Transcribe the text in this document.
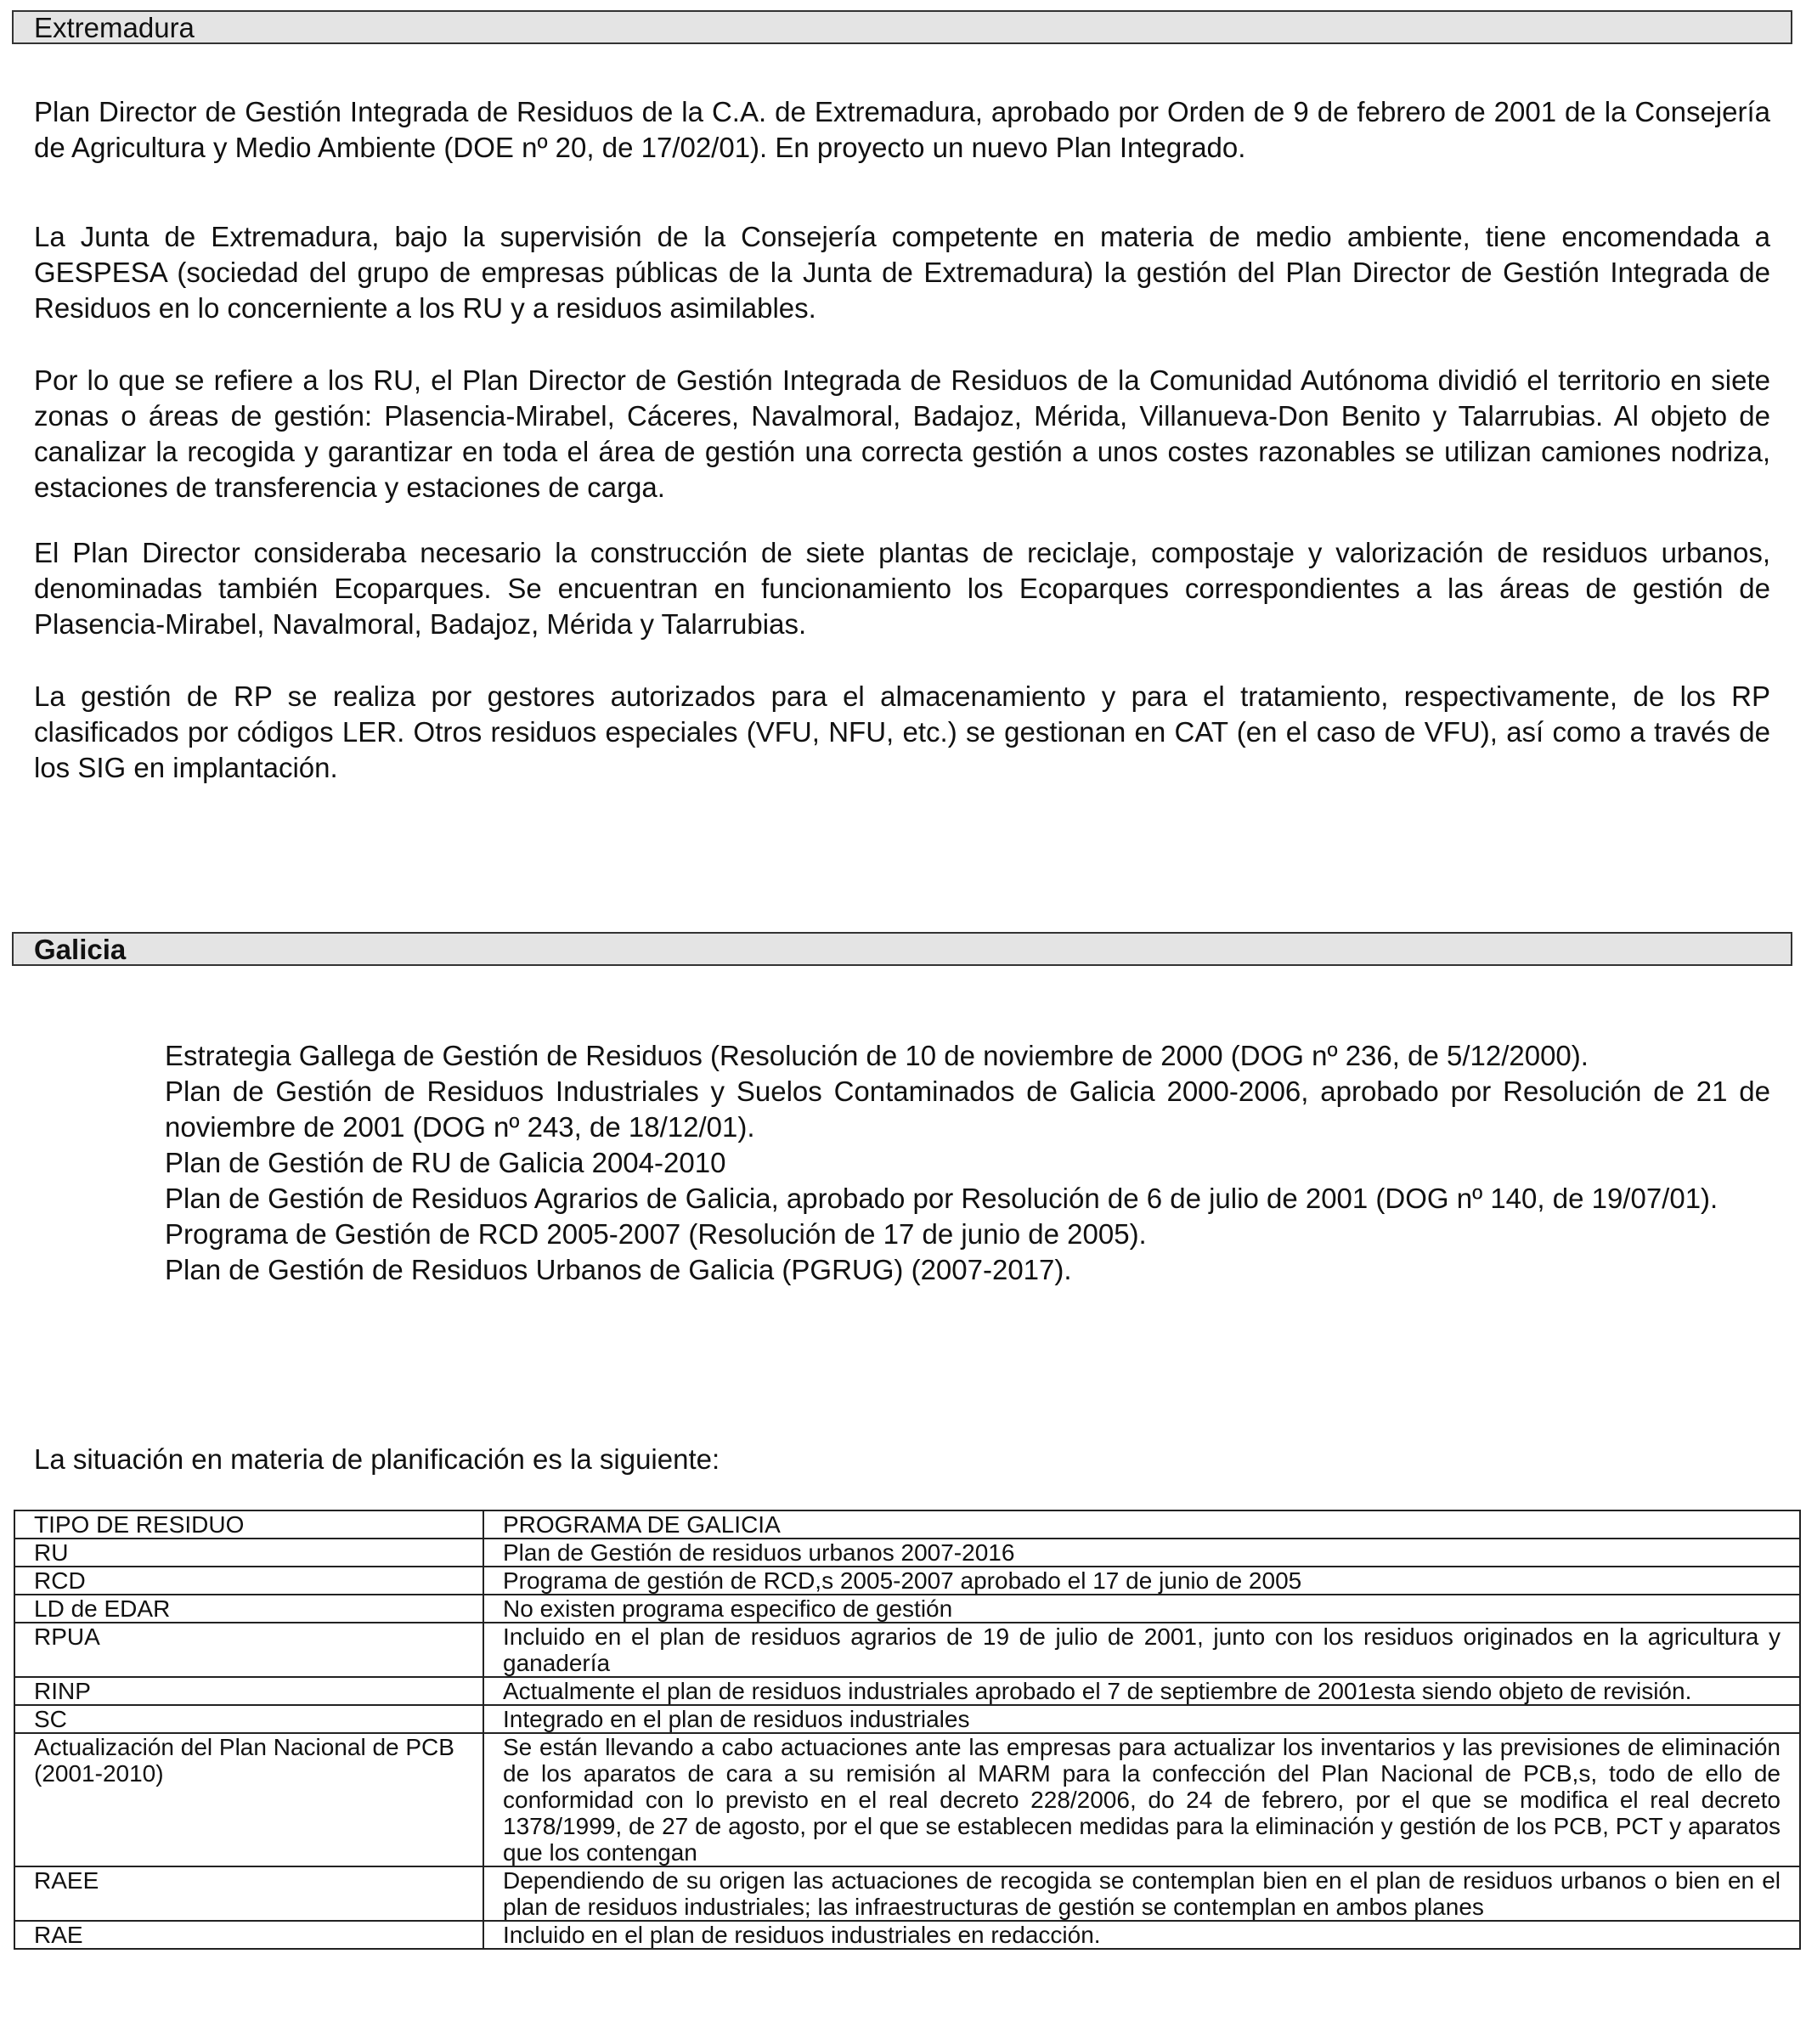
Extremadura

Plan Director de Gestión Integrada de Residuos de la C.A. de Extremadura, aprobado por Orden de 9 de febrero de 2001 de la Consejería de Agricultura y Medio Ambiente (DOE nº 20, de 17/02/01). En proyecto un nuevo Plan Integrado.

La Junta de Extremadura, bajo la supervisión de la Consejería competente en materia de medio ambiente, tiene encomendada a GESPESA (sociedad del grupo de empresas públicas de la Junta de Extremadura) la gestión del Plan Director de Gestión Integrada de Residuos en lo concerniente a los RU y a residuos asimilables.

Por lo que se refiere a los RU, el Plan Director de Gestión Integrada de Residuos de la Comunidad Autónoma dividió el territorio en siete zonas o áreas de gestión: Plasencia-Mirabel, Cáceres, Navalmoral, Badajoz, Mérida, Villanueva-Don Benito y Talarrubias. Al objeto de canalizar la recogida y garantizar en toda el área de gestión una correcta gestión a unos costes razonables se utilizan camiones nodriza, estaciones de transferencia y estaciones de carga.

El Plan Director consideraba necesario la construcción de siete plantas de reciclaje, compostaje y valorización de residuos urbanos, denominadas también Ecoparques. Se encuentran en funcionamiento los Ecoparques correspondientes a las áreas de gestión de Plasencia-Mirabel, Navalmoral, Badajoz, Mérida y Talarrubias.

La gestión de RP se realiza por gestores autorizados para el almacenamiento y para el tratamiento, respectivamente, de los RP clasificados por códigos LER. Otros residuos especiales (VFU, NFU, etc.) se gestionan en CAT (en el caso de VFU), así como a través de los SIG en implantación.

Galicia
Estrategia Gallega de Gestión de Residuos (Resolución de 10 de noviembre de 2000 (DOG nº 236, de 5/12/2000).
Plan de Gestión de Residuos Industriales y Suelos Contaminados de Galicia 2000-2006, aprobado por Resolución de 21 de noviembre de 2001 (DOG nº 243, de 18/12/01).
Plan de Gestión de RU de Galicia 2004-2010
Plan de Gestión de Residuos Agrarios de Galicia, aprobado por Resolución de 6 de julio de 2001 (DOG nº 140, de 19/07/01).
Programa de Gestión de RCD 2005-2007 (Resolución de 17 de junio de 2005).
Plan de Gestión de Residuos Urbanos de Galicia (PGRUG) (2007-2017).

La situación en materia de planificación es la siguiente:

TIPO DE RESIDUO	PROGRAMA DE GALICIA
RU	Plan de Gestión de residuos urbanos 2007-2016
RCD	Programa de gestión de RCD,s 2005-2007 aprobado el 17 de junio de 2005
LD de EDAR	No existen programa especifico de gestión
RPUA	Incluido en el plan de residuos agrarios de 19 de julio de 2001, junto con los residuos originados en la agricultura y ganadería
RINP	Actualmente el plan de residuos industriales aprobado el 7 de septiembre de 2001esta siendo objeto de revisión.
SC	Integrado en el plan de residuos industriales
Actualización del Plan Nacional de PCB (2001-2010)	Se están llevando a cabo actuaciones ante las empresas para actualizar los inventarios y las previsiones de eliminación de los aparatos de cara a su remisión al MARM para la confección del Plan Nacional de PCB,s, todo de ello de conformidad con lo previsto en el real decreto 228/2006, do 24 de febrero, por el que se modifica el real decreto 1378/1999, de 27 de agosto, por el que se establecen medidas para la eliminación y gestión de los PCB, PCT y aparatos que los contengan
RAEE	Dependiendo de su origen las actuaciones de recogida se contemplan bien en el plan de residuos urbanos o bien en el plan de residuos industriales; las infraestructuras de gestión se contemplan en ambos planes
RAE	Incluido en el plan de residuos industriales en redacción.
